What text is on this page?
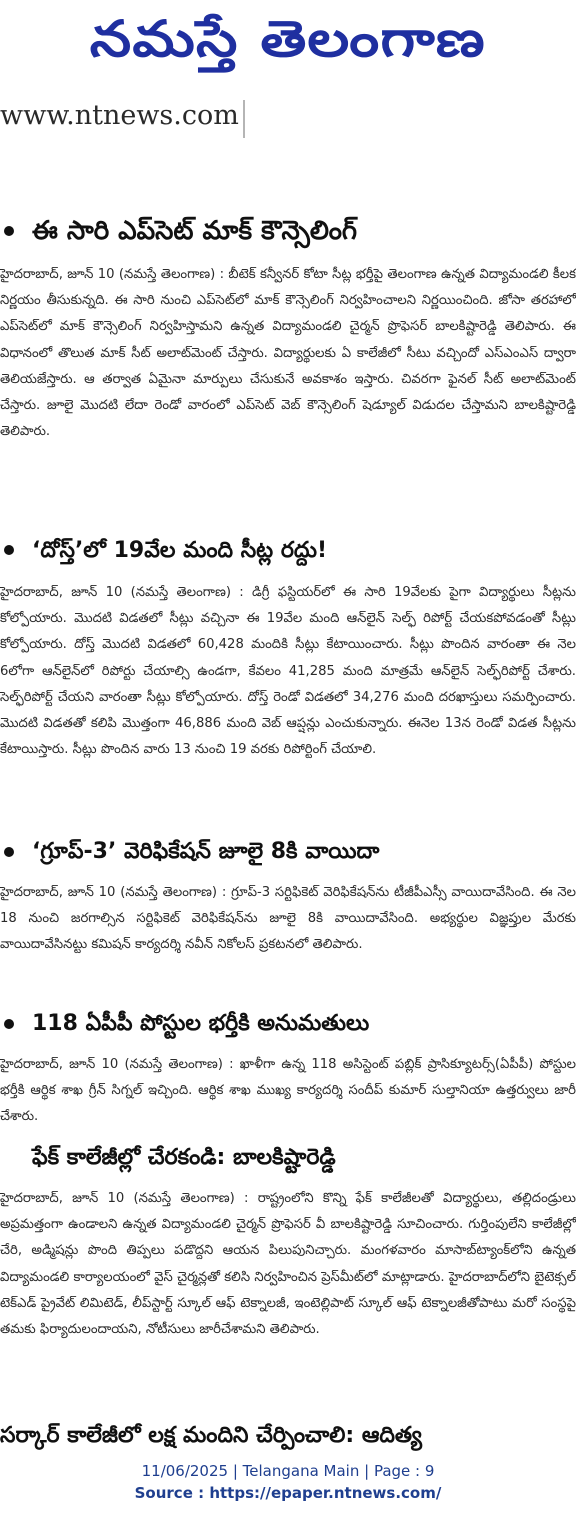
నమస్తే తెలంగాణ
www.ntnews.com
ఈ సారి ఎప్‌సెట్ మాక్ కౌన్సెలింగ్

హైదరాబాద్, జూన్ 10 (నమస్తే తెలంగాణ) : బీటెక్ కన్వీనర్ కోటా సీట్ల భర్తీపై తెలంగాణ ఉన్నత విద్యామండలి కీలక నిర్ణయం తీసుకున్నది. ఈ సారి నుంచి ఎప్‌సెట్‌లో మాక్ కౌన్సెలింగ్ నిర్వహించాలని నిర్ణయించింది. జోసా తరహాలో ఎప్‌సెట్‌లో మాక్ కౌన్సెలింగ్ నిర్వహిస్తామని ఉన్నత విద్యామండలి చైర్మన్ ప్రొఫెసర్ బాలకిష్టారెడ్డి తెలిపారు. ఈ విధానంలో తొలుత మాక్ సీట్ అలాట్‌మెంట్ చేస్తారు. విద్యార్థులకు ఏ కాలేజీలో సీటు వచ్చిందో ఎస్‌ఎంఎస్ ద్వారా తెలియజేస్తారు. ఆ తర్వాత ఏమైనా మార్పులు చేసుకునే అవకాశం ఇస్తారు. చివరగా ఫైనల్ సీట్ అలాట్‌మెంట్ చేస్తారు. జూలై మొదటి లేదా రెండో వారంలో ఎప్‌సెట్ వెబ్ కౌన్సెలింగ్ షెడ్యూల్ విడుదల చేస్తామని బాలకిష్టారెడ్డి తెలిపారు.

‘దోస్త్’లో 19వేల మంది సీట్ల రద్దు!

హైదరాబాద్, జూన్ 10 (నమస్తే తెలంగాణ) : డిగ్రీ ఫస్టియర్‌లో ఈ సారి 19వేలకు పైగా విద్యార్థులు సీట్లను కోల్పోయారు. మొదటి విడతలో సీట్లు వచ్చినా ఈ 19వేల మంది ఆన్‌లైన్ సెల్ఫ్ రిపోర్ట్ చేయకపోవడంతో సీట్లు కోల్పోయారు. దోస్త్ మొదటి విడతలో 60,428 మందికి సీట్లు కేటాయించారు. సీట్లు పొందిన వారంతా ఈ నెల 6లోగా ఆన్‌లైన్‌లో రిపోర్టు చేయాల్సి ఉండగా, కేవలం 41,285 మంది మాత్రమే ఆన్‌లైన్ సెల్ఫ్‌రిపోర్ట్ చేశారు. సెల్ఫ్‌రిపోర్ట్ చేయని వారంతా సీట్లు కోల్పోయారు. దోస్త్ రెండో విడతలో 34,276 మంది దరఖాస్తులు సమర్పించారు. మొదటి విడతతో కలిపి మొత్తంగా 46,886 మంది వెబ్ ఆప్షన్లు ఎంచుకున్నారు. ఈనెల 13న రెండో విడత సీట్లను కేటాయిస్తారు. సీట్లు పొందిన వారు 13 నుంచి 19 వరకు రిపోర్టింగ్ చేయాలి.

‘గ్రూప్-3’ వెరిఫికేషన్ జూలై 8కి వాయిదా

హైదరాబాద్, జూన్ 10 (నమస్తే తెలంగాణ) : గ్రూప్-3 సర్టిఫికెట్ వెరిఫికేషన్‌ను టీజీపీఎస్సీ వాయిదావేసింది. ఈ నెల 18 నుంచి జరగాల్సిన సర్టిఫికెట్ వెరిఫికేషన్‌ను జూలై 8కి వాయిదావేసింది. అభ్యర్థుల విజ్ఞప్తుల మేరకు వాయిదావేసినట్టు కమిషన్ కార్యదర్శి నవీన్ నికోలస్ ప్రకటనలో తెలిపారు.

118 ఏపీపీ పోస్టుల భర్తీకి అనుమతులు

హైదరాబాద్, జూన్ 10 (నమస్తే తెలంగాణ) : ఖాళీగా ఉన్న 118 అసిస్టెంట్ పబ్లిక్ ప్రాసిక్యూటర్స్(ఏపీపీ) పోస్టుల భర్తీకి ఆర్థిక శాఖ గ్రీన్ సిగ్నల్ ఇచ్చింది. ఆర్థిక శాఖ ముఖ్య కార్యదర్శి సందీప్ కుమార్ సుల్తానియా ఉత్తర్వులు జారీ చేశారు.

ఫేక్ కాలేజీల్లో చేరకండి: బాలకిష్టారెడ్డి

హైదరాబాద్, జూన్ 10 (నమస్తే తెలంగాణ) : రాష్ట్రంలోని కొన్ని ఫేక్ కాలేజీలతో విద్యార్థులు, తల్లిదండ్రులు అప్రమత్తంగా ఉండాలని ఉన్నత విద్యామండలి చైర్మన్ ప్రొఫెసర్ వీ బాలకిష్టారెడ్డి సూచించారు. గుర్తింపులేని కాలేజీల్లో చేరి, అడ్మిషన్లు పొంది తిప్పలు పడొద్దని ఆయన పిలుపునిచ్చారు. మంగళవారం మాసాబ్‌ట్యాంక్‌లోని ఉన్నత విద్యామండలి కార్యాలయంలో వైస్ చైర్మన్లతో కలిసి నిర్వహించిన ప్రెస్‌మీట్‌లో మాట్లాడారు. హైదరాబాద్‌లోని బైటెక్సల్ టెక్‌ఎడ్ ప్రైవేట్ లిమిటెడ్, లీప్‌స్టార్ట్ స్కూల్ ఆఫ్ టెక్నాలజీ, ఇంటెల్లిపాట్ స్కూల్ ఆఫ్ టెక్నాలజీతోపాటు మరో సంస్థపై తమకు ఫిర్యాదులందాయని, నోటీసులు జారీచేశామని తెలిపారు.

సర్కార్ కాలేజీలో లక్ష మందిని చేర్పించాలి: ఆదిత్య
11/06/2025 | Telangana Main | Page : 9
Source : https://epaper.ntnews.com/
